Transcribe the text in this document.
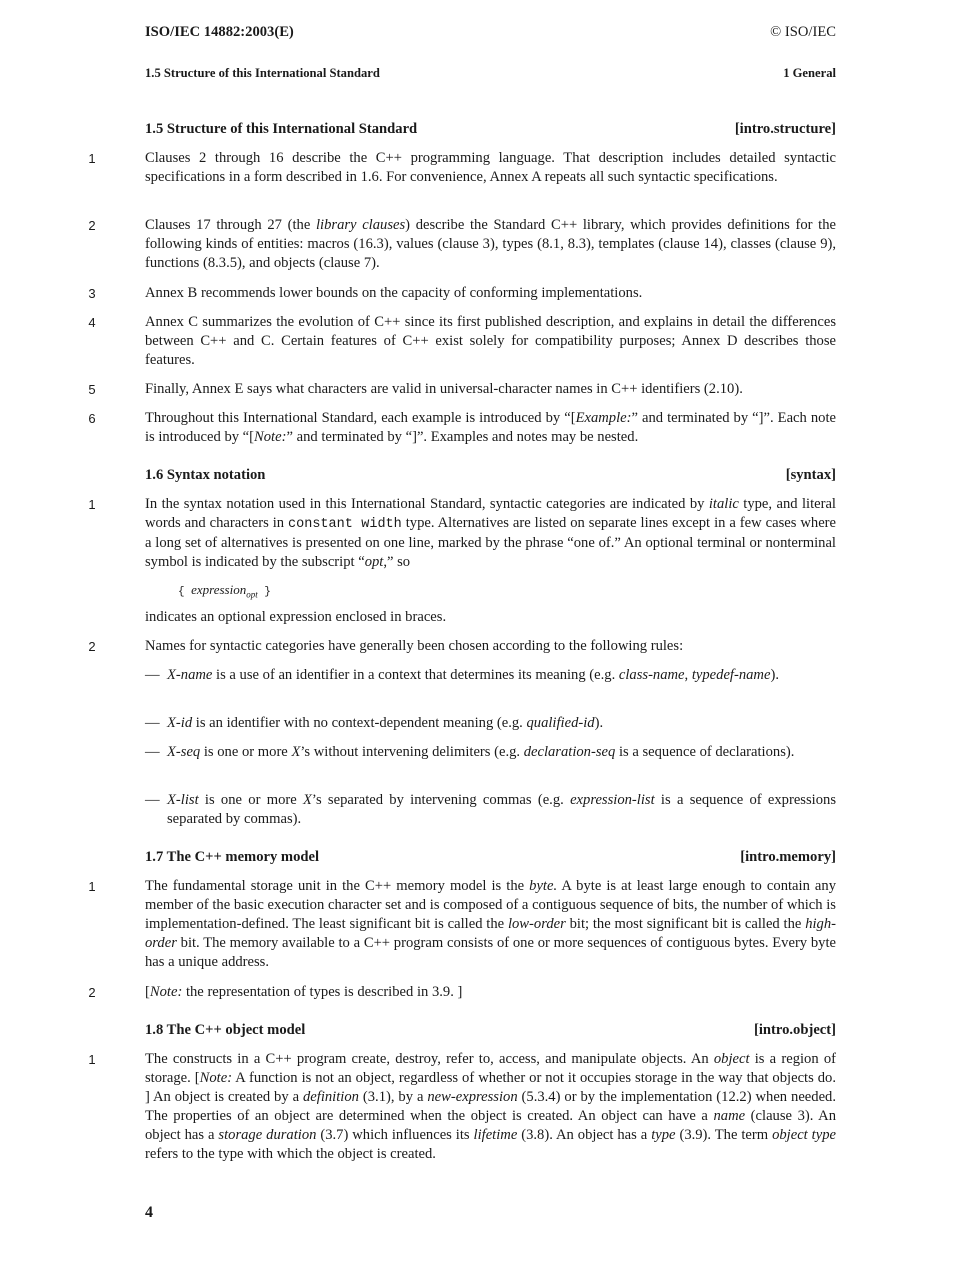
ISO/IEC 14882:2003(E)	© ISO/IEC
1.5 Structure of this International Standard	1 General
1.5 Structure of this International Standard	[intro.structure]
1	Clauses 2 through 16 describe the C++ programming language. That description includes detailed syntactic specifications in a form described in 1.6. For convenience, Annex A repeats all such syntactic specifications.
2	Clauses 17 through 27 (the library clauses) describe the Standard C++ library, which provides definitions for the following kinds of entities: macros (16.3), values (clause 3), types (8.1, 8.3), templates (clause 14), classes (clause 9), functions (8.3.5), and objects (clause 7).
3	Annex B recommends lower bounds on the capacity of conforming implementations.
4	Annex C summarizes the evolution of C++ since its first published description, and explains in detail the differences between C++ and C. Certain features of C++ exist solely for compatibility purposes; Annex D describes those features.
5	Finally, Annex E says what characters are valid in universal-character names in C++ identifiers (2.10).
6	Throughout this International Standard, each example is introduced by “[Example:” and terminated by “]”. Each note is introduced by “[Note:” and terminated by “]”. Examples and notes may be nested.
1.6 Syntax notation	[syntax]
1	In the syntax notation used in this International Standard, syntactic categories are indicated by italic type, and literal words and characters in constant width type. Alternatives are listed on separate lines except in a few cases where a long set of alternatives is presented on one line, marked by the phrase “one of.” An optional terminal or nonterminal symbol is indicated by the subscript “opt,” so
{ expression$_{opt}$ }
indicates an optional expression enclosed in braces.
2	Names for syntactic categories have generally been chosen according to the following rules:
— X-name is a use of an identifier in a context that determines its meaning (e.g. class-name, typedef-name).
— X-id is an identifier with no context-dependent meaning (e.g. qualified-id).
— X-seq is one or more X’s without intervening delimiters (e.g. declaration-seq is a sequence of declarations).
— X-list is one or more X’s separated by intervening commas (e.g. expression-list is a sequence of expressions separated by commas).
1.7 The C++ memory model	[intro.memory]
1	The fundamental storage unit in the C++ memory model is the byte. A byte is at least large enough to contain any member of the basic execution character set and is composed of a contiguous sequence of bits, the number of which is implementation-defined. The least significant bit is called the low-order bit; the most significant bit is called the high-order bit. The memory available to a C++ program consists of one or more sequences of contiguous bytes. Every byte has a unique address.
2	[Note: the representation of types is described in 3.9. ]
1.8 The C++ object model	[intro.object]
1	The constructs in a C++ program create, destroy, refer to, access, and manipulate objects. An object is a region of storage. [Note: A function is not an object, regardless of whether or not it occupies storage in the way that objects do. ] An object is created by a definition (3.1), by a new-expression (5.3.4) or by the implementation (12.2) when needed. The properties of an object are determined when the object is created. An object can have a name (clause 3). An object has a storage duration (3.7) which influences its lifetime (3.8). An object has a type (3.9). The term object type refers to the type with which the object is created.
4
